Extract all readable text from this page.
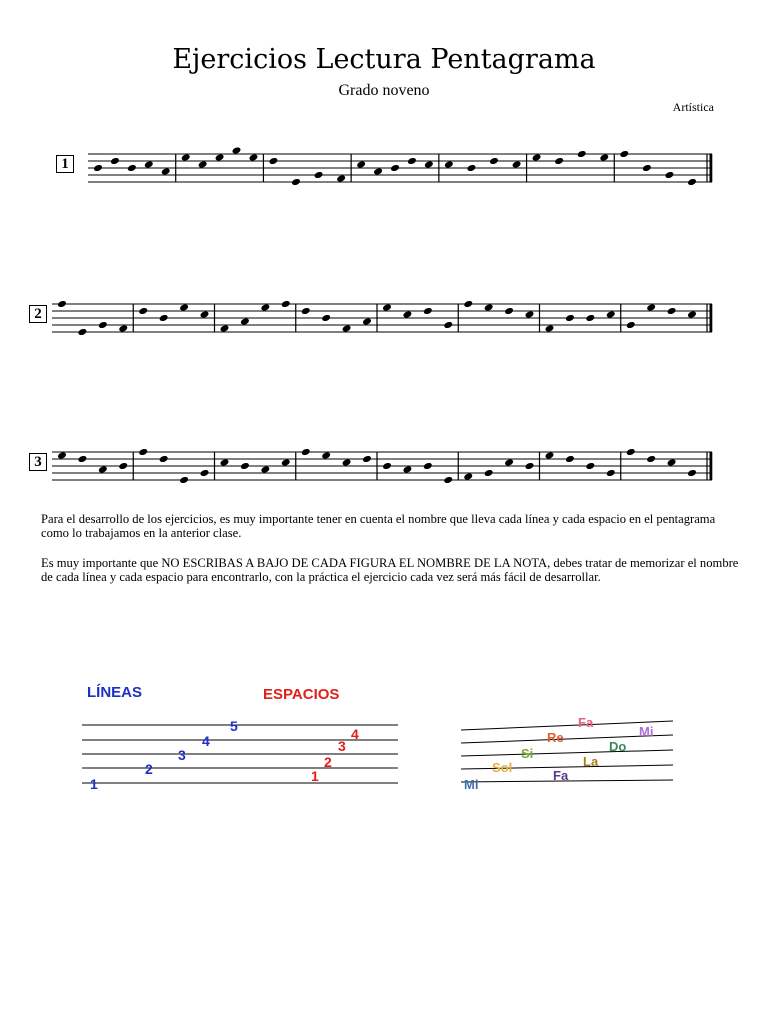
Ejercicios Lectura Pentagrama
Grado noveno
Artística
1
2
3
Para el desarrollo de los ejercicios, es muy importante tener en cuenta el nombre que lleva cada línea y cada espacio en el pentagrama como lo trabajamos en la anterior clase.
Es muy importante que NO ESCRIBAS A BAJO DE CADA FIGURA EL NOMBRE DE LA NOTA, debes tratar de memorizar el nombre de cada línea y cada espacio para encontrarlo, con la práctica el ejercicio cada vez será más fácil de desarrollar.
LÍNEAS	ESPACIOS
1
2
3
4
5
1
2
3
4
Mi
Fa
Sol	La
Si	Do
Re	Mi
Fa
